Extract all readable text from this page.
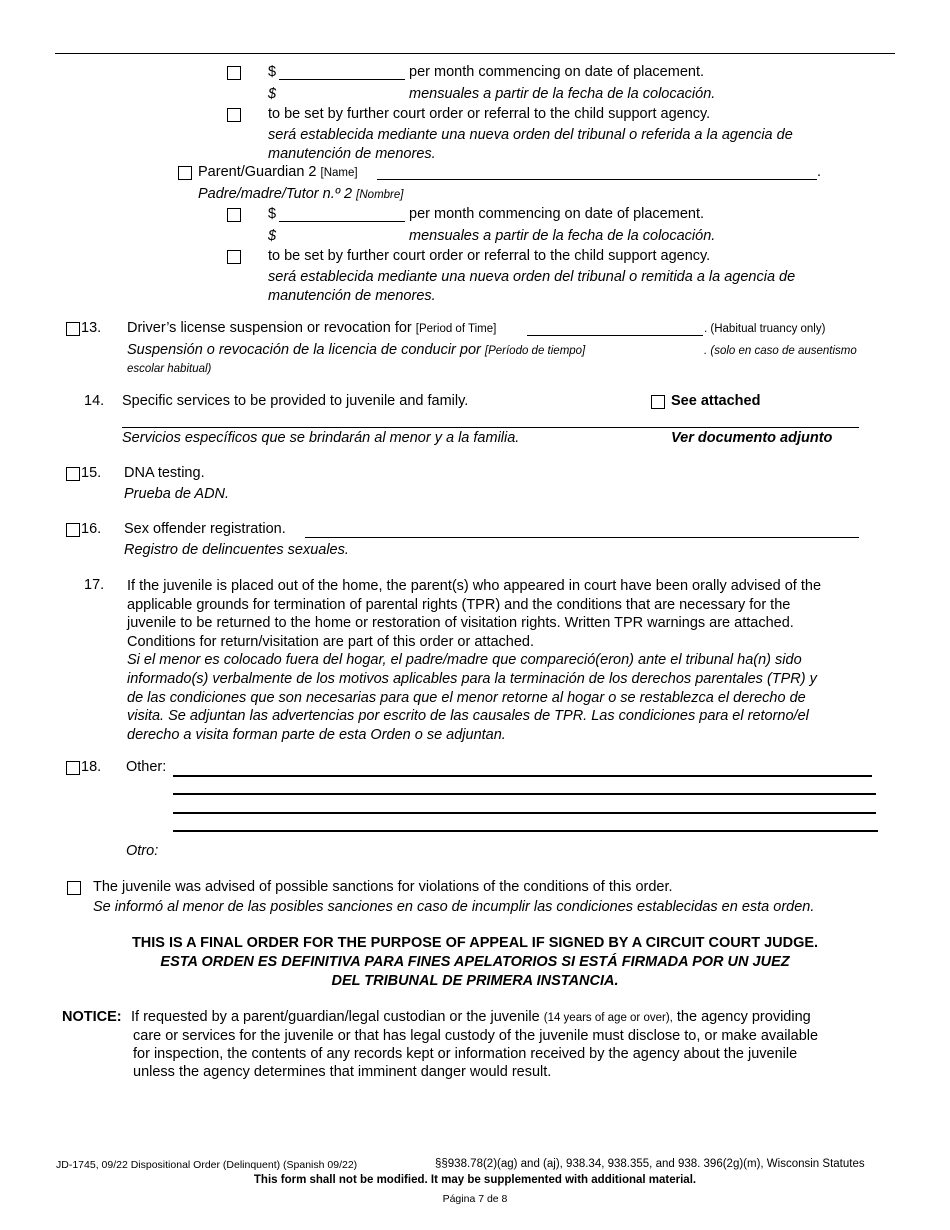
$	per month commencing on date of placement.
$	mensuales a partir de la fecha de la colocación.
to be set by further court order or referral to the child support agency.
será establecida mediante una nueva orden del tribunal o referida a la agencia de
manutención de menores.
Parent/Guardian 2 [Name]	.
Padre/madre/Tutor n.º 2 [Nombre]
$	per month commencing on date of placement.
$	mensuales a partir de la fecha de la colocación.
to be set by further court order or referral to the child support agency.
será establecida mediante una nueva orden del tribunal o remitida a la agencia de
manutención de menores.
13. Driver’s license suspension or revocation for [Period of Time]	. (Habitual truancy only)
Suspensión o revocación de la licencia de conducir por [Período de tiempo]	. (solo en caso de ausentismo
escolar habitual)
14. Specific services to be provided to juvenile and family.	See attached
Servicios específicos que se brindarán al menor y a la familia.	Ver documento adjunto
15. DNA testing.
Prueba de ADN.
16. Sex offender registration.
Registro de delincuentes sexuales.
17. If the juvenile is placed out of the home, the parent(s) who appeared in court have been orally advised of the
applicable grounds for termination of parental rights (TPR) and the conditions that are necessary for the
juvenile to be returned to the home or restoration of visitation rights. Written TPR warnings are attached.
Conditions for return/visitation are part of this order or attached.
Si el menor es colocado fuera del hogar, el padre/madre que compareció(eron) ante el tribunal ha(n) sido
informado(s) verbalmente de los motivos aplicables para la terminación de los derechos parentales (TPR) y
de las condiciones que son necesarias para que el menor retorne al hogar o se restablezca el derecho de
visita. Se adjuntan las advertencias por escrito de las causales de TPR. Las condiciones para el retorno/el
derecho a visita forman parte de esta Orden o se adjuntan.
18. Other:
Otro:
The juvenile was advised of possible sanctions for violations of the conditions of this order.
Se informó al menor de las posibles sanciones en caso de incumplir las condiciones establecidas en esta orden.
THIS IS A FINAL ORDER FOR THE PURPOSE OF APPEAL IF SIGNED BY A CIRCUIT COURT JUDGE.
ESTA ORDEN ES DEFINITIVA PARA FINES APELATORIOS SI ESTÁ FIRMADA POR UN JUEZ
DEL TRIBUNAL DE PRIMERA INSTANCIA.
NOTICE: If requested by a parent/guardian/legal custodian or the juvenile (14 years of age or over), the agency providing
care or services for the juvenile or that has legal custody of the juvenile must disclose to, or make available
for inspection, the contents of any records kept or information received by the agency about the juvenile
unless the agency determines that imminent danger would result.
JD-1745, 09/22 Dispositional Order (Delinquent) (Spanish 09/22)	§§938.78(2)(ag) and (aj), 938.34, 938.355, and 938. 396(2g)(m), Wisconsin Statutes
This form shall not be modified. It may be supplemented with additional material.
Página 7 de 8
